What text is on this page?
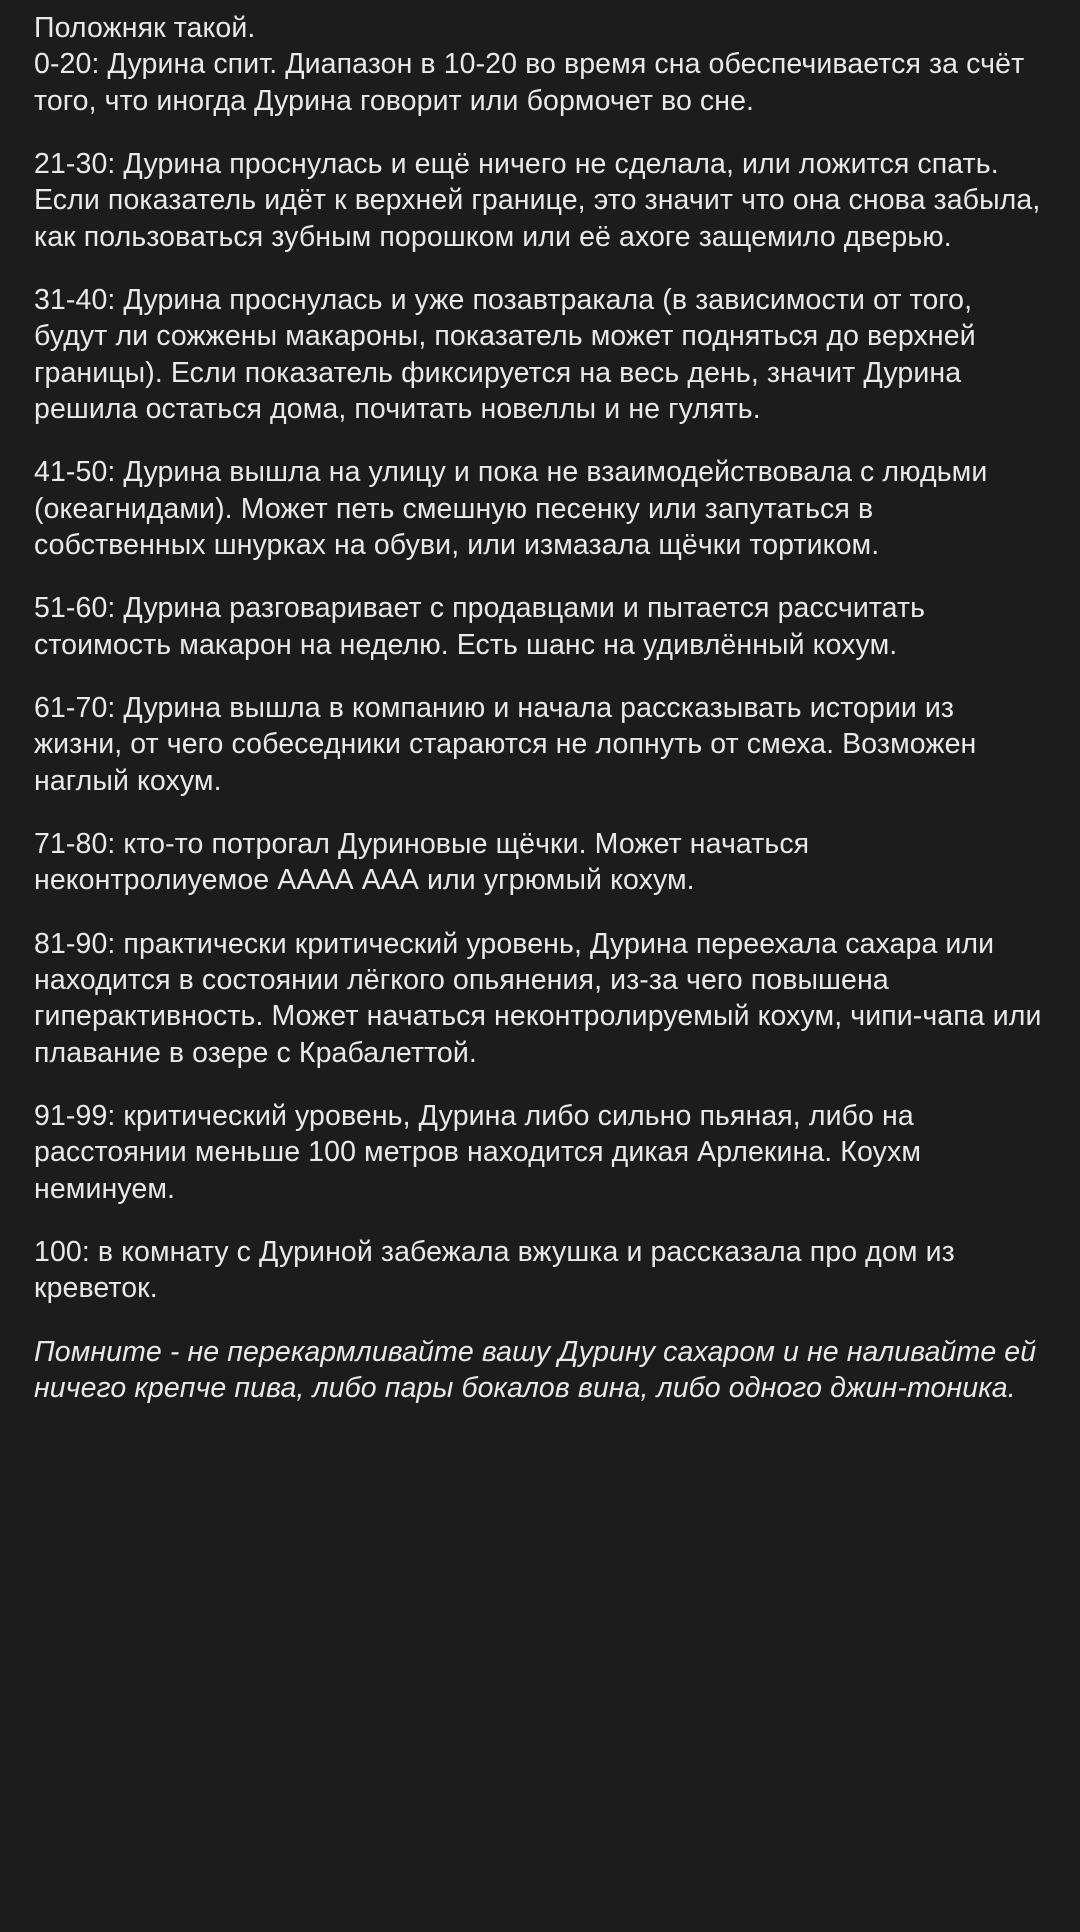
Положняк такой.

0-20: Дурина спит. Диапазон в 10-20 во время сна обеспечивается за счёт того, что иногда Дурина говорит или бормочет во сне.

21-30: Дурина проснулась и ещё ничего не сделала, или ложится спать. Если показатель идёт к верхней границе, это значит что она снова забыла, как пользоваться зубным порошком или её ахоге защемило дверью.

31-40: Дурина проснулась и уже позавтракала (в зависимости от того, будут ли сожжены макароны, показатель может подняться до верхней границы). Если показатель фиксируется на весь день, значит Дурина решила остаться дома, почитать новеллы и не гулять.

41-50: Дурина вышла на улицу и пока не взаимодействовала с людьми (океагнидами). Может петь смешную песенку или запутаться в собственных шнурках на обуви, или измазала щёчки тортиком.

51-60: Дурина разговаривает с продавцами и пытается рассчитать стоимость макарон на неделю. Есть шанс на удивлённый кохум.

61-70: Дурина вышла в компанию и начала рассказывать истории из жизни, от чего собеседники стараются не лопнуть от смеха. Возможен наглый кохум.

71-80: кто-то потрогал Дуриновые щёчки. Может начаться неконтролиуемое АААА ААА или угрюмый кохум.

81-90: практически критический уровень, Дурина переехала сахара или находится в состоянии лёгкого опьянения, из-за чего повышена гиперактивность. Может начаться неконтролируемый кохум, чипи-чапа или плавание в озере с Крабалеттой.

91-99: критический уровень, Дурина либо сильно пьяная, либо на расстоянии меньше 100 метров находится дикая Арлекина. Коухм неминуем.

100: в комнату с Дуриной забежала вжушка и рассказала про дом из креветок.

Помните - не перекармливайте вашу Дурину сахаром и не наливайте ей ничего крепче пива, либо пары бокалов вина, либо одного джин-тоника.
